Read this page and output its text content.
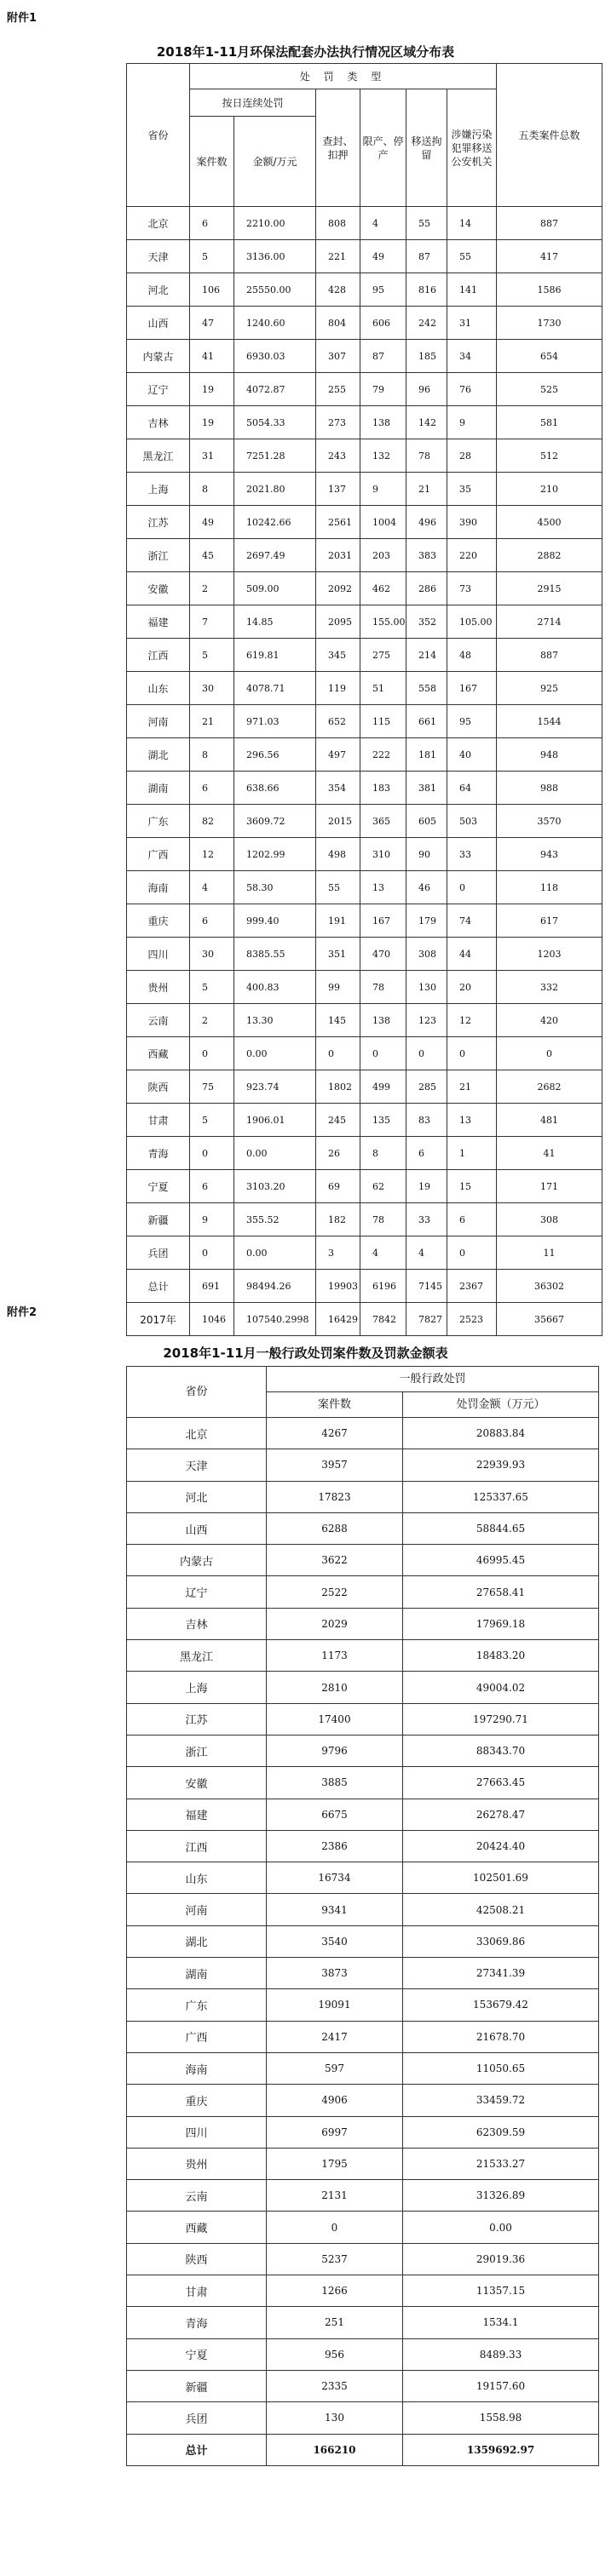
附件1
2018年1-11月环保法配套办法执行情况区域分布表
省份	处 罚 类 型						五类案件总数
	按日连续处罚		查封、扣押	限产、停产	移送拘留	涉嫌污染犯罪移送公安机关	
	案件数	金额/万元					
北京	6	2210.00	808	4	55	14	887
天津	5	3136.00	221	49	87	55	417
河北	106	25550.00	428	95	816	141	1586
山西	47	1240.60	804	606	242	31	1730
内蒙古	41	6930.03	307	87	185	34	654
辽宁	19	4072.87	255	79	96	76	525
吉林	19	5054.33	273	138	142	9	581
黑龙江	31	7251.28	243	132	78	28	512
上海	8	2021.80	137	9	21	35	210
江苏	49	10242.66	2561	1004	496	390	4500
浙江	45	2697.49	2031	203	383	220	2882
安徽	2	509.00	2092	462	286	73	2915
福建	7	14.85	2095	155.00	352	105.00	2714
江西	5	619.81	345	275	214	48	887
山东	30	4078.71	119	51	558	167	925
河南	21	971.03	652	115	661	95	1544
湖北	8	296.56	497	222	181	40	948
湖南	6	638.66	354	183	381	64	988
广东	82	3609.72	2015	365	605	503	3570
广西	12	1202.99	498	310	90	33	943
海南	4	58.30	55	13	46	0	118
重庆	6	999.40	191	167	179	74	617
四川	30	8385.55	351	470	308	44	1203
贵州	5	400.83	99	78	130	20	332
云南	2	13.30	145	138	123	12	420
西藏	0	0.00	0	0	0	0	0
陕西	75	923.74	1802	499	285	21	2682
甘肃	5	1906.01	245	135	83	13	481
青海	0	0.00	26	8	6	1	41
宁夏	6	3103.20	69	62	19	15	171
新疆	9	355.52	182	78	33	6	308
兵团	0	0.00	3	4	4	0	11
总计	691	98494.26	19903	6196	7145	2367	36302
2017年	1046	107540.2998	16429	7842	7827	2523	35667
附件2
2018年1-11月一般行政处罚案件数及罚款金额表
省份	一般行政处罚	
	案件数	处罚金额（万元）
北京	4267	20883.84
天津	3957	22939.93
河北	17823	125337.65
山西	6288	58844.65
内蒙古	3622	46995.45
辽宁	2522	27658.41
吉林	2029	17969.18
黑龙江	1173	18483.20
上海	2810	49004.02
江苏	17400	197290.71
浙江	9796	88343.70
安徽	3885	27663.45
福建	6675	26278.47
江西	2386	20424.40
山东	16734	102501.69
河南	9341	42508.21
湖北	3540	33069.86
湖南	3873	27341.39
广东	19091	153679.42
广西	2417	21678.70
海南	597	11050.65
重庆	4906	33459.72
四川	6997	62309.59
贵州	1795	21533.27
云南	2131	31326.89
西藏	0	0.00
陕西	5237	29019.36
甘肃	1266	11357.15
青海	251	1534.1
宁夏	956	8489.33
新疆	2335	19157.60
兵团	130	1558.98
总计	166210	1359692.97
